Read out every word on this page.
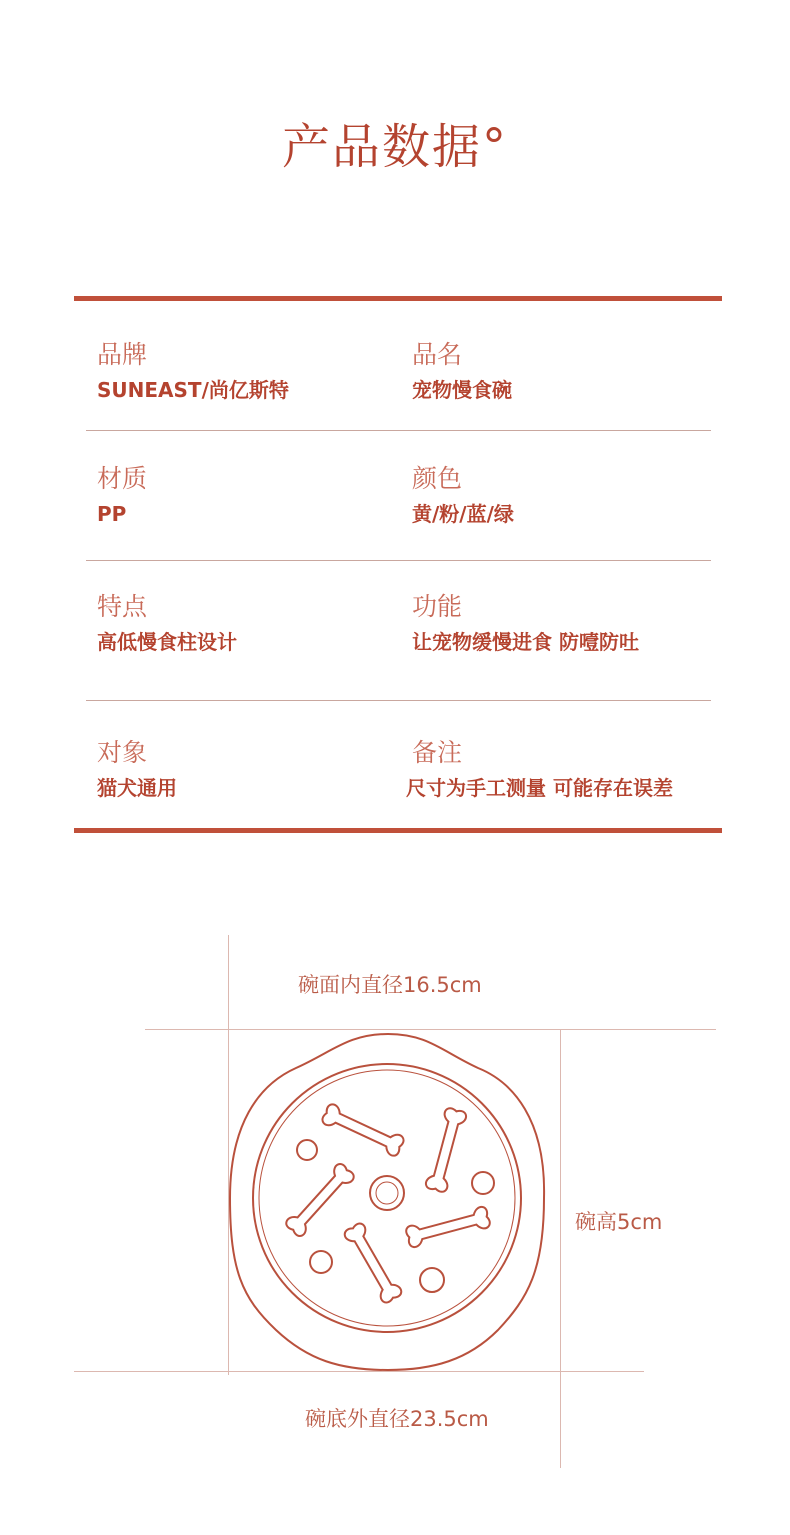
产品数据°
品牌
SUNEAST/尚亿斯特
品名
宠物慢食碗
材质
PP
颜色
黄/粉/蓝/绿
特点
高低慢食柱设计
功能
让宠物缓慢进食 防噎防吐
对象
猫犬通用
备注
尺寸为手工测量 可能存在误差
碗面内直径16.5cm
碗高5cm
碗底外直径23.5cm
